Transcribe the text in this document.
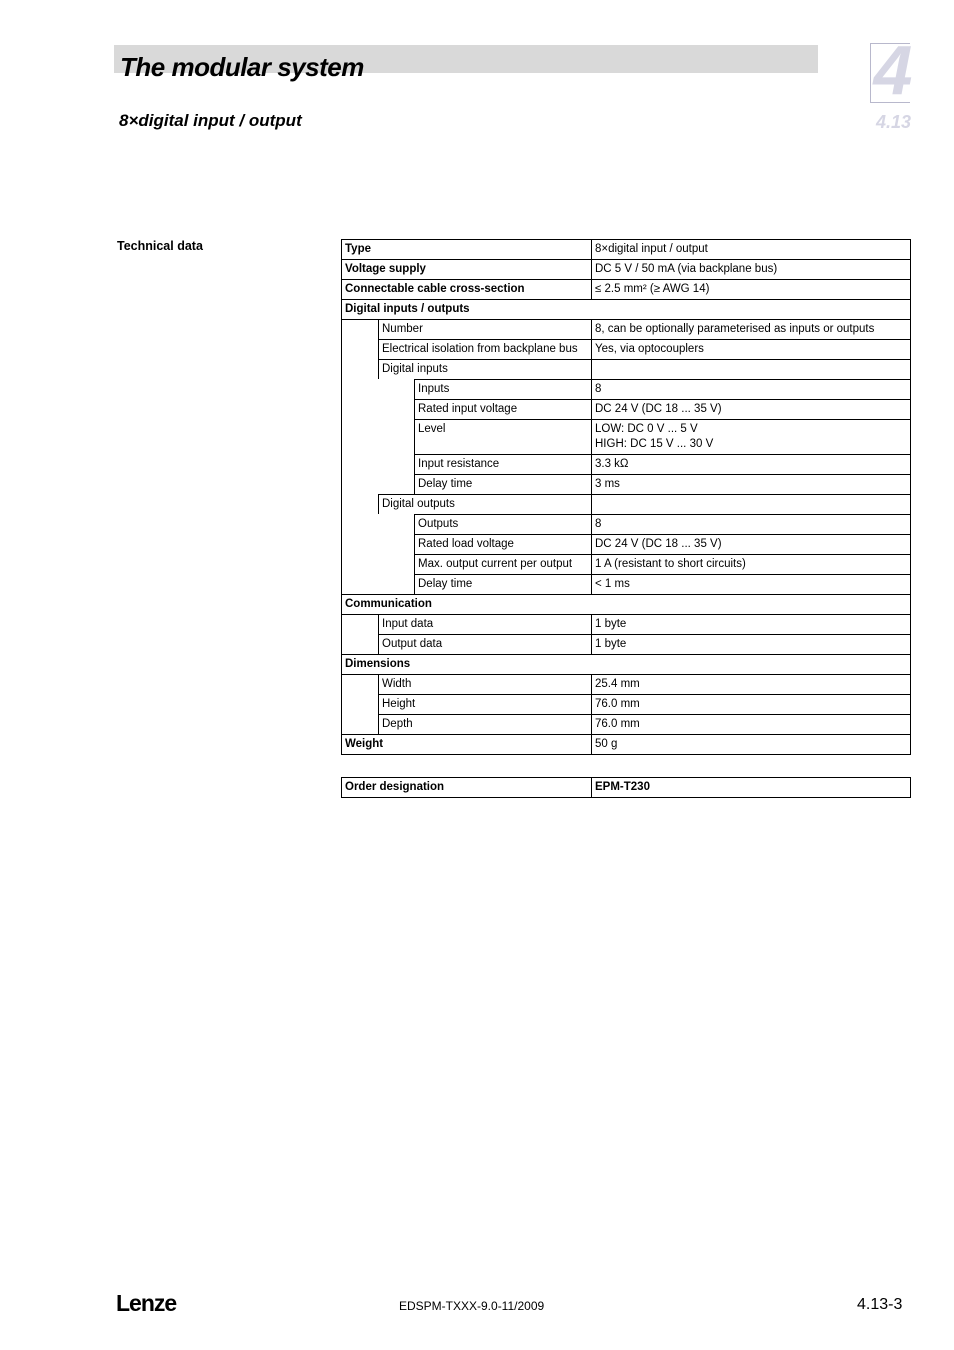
The modular system
8×digital input / output
4
4.13
Technical data	Type	8×digital input / output

Voltage supply	DC 5 V / 50 mA (via backplane bus)

Connectable cable cross-section	≤ 2.5 mm² (≥ AWG 14)

Digital inputs / outputs	

Number	8, can be optionally parameterised as inputs or outputs

Electrical isolation from backplane bus	Yes, via optocouplers

Digital inputs	

Inputs	8

Rated input voltage	DC 24 V (DC 18 ... 35 V)

Level	LOW: DC 0 V ... 5 V
HIGH: DC 15 V ... 30 V

Input resistance	3.3 kΩ

Delay time	3 ms

Digital outputs	

Outputs	8

Rated load voltage	DC 24 V (DC 18 ... 35 V)

Max. output current per output	1 A (resistant to short circuits)

Delay time	< 1 ms

Communication	

Input data	1 byte

Output data	1 byte

Dimensions	

Width	25.4 mm

Height	76.0 mm

Depth	76.0 mm

Weight	50 g
Order designation	EPM-T230
Lenze	EDSPM-TXXX-9.0-11/2009	4.13-3
